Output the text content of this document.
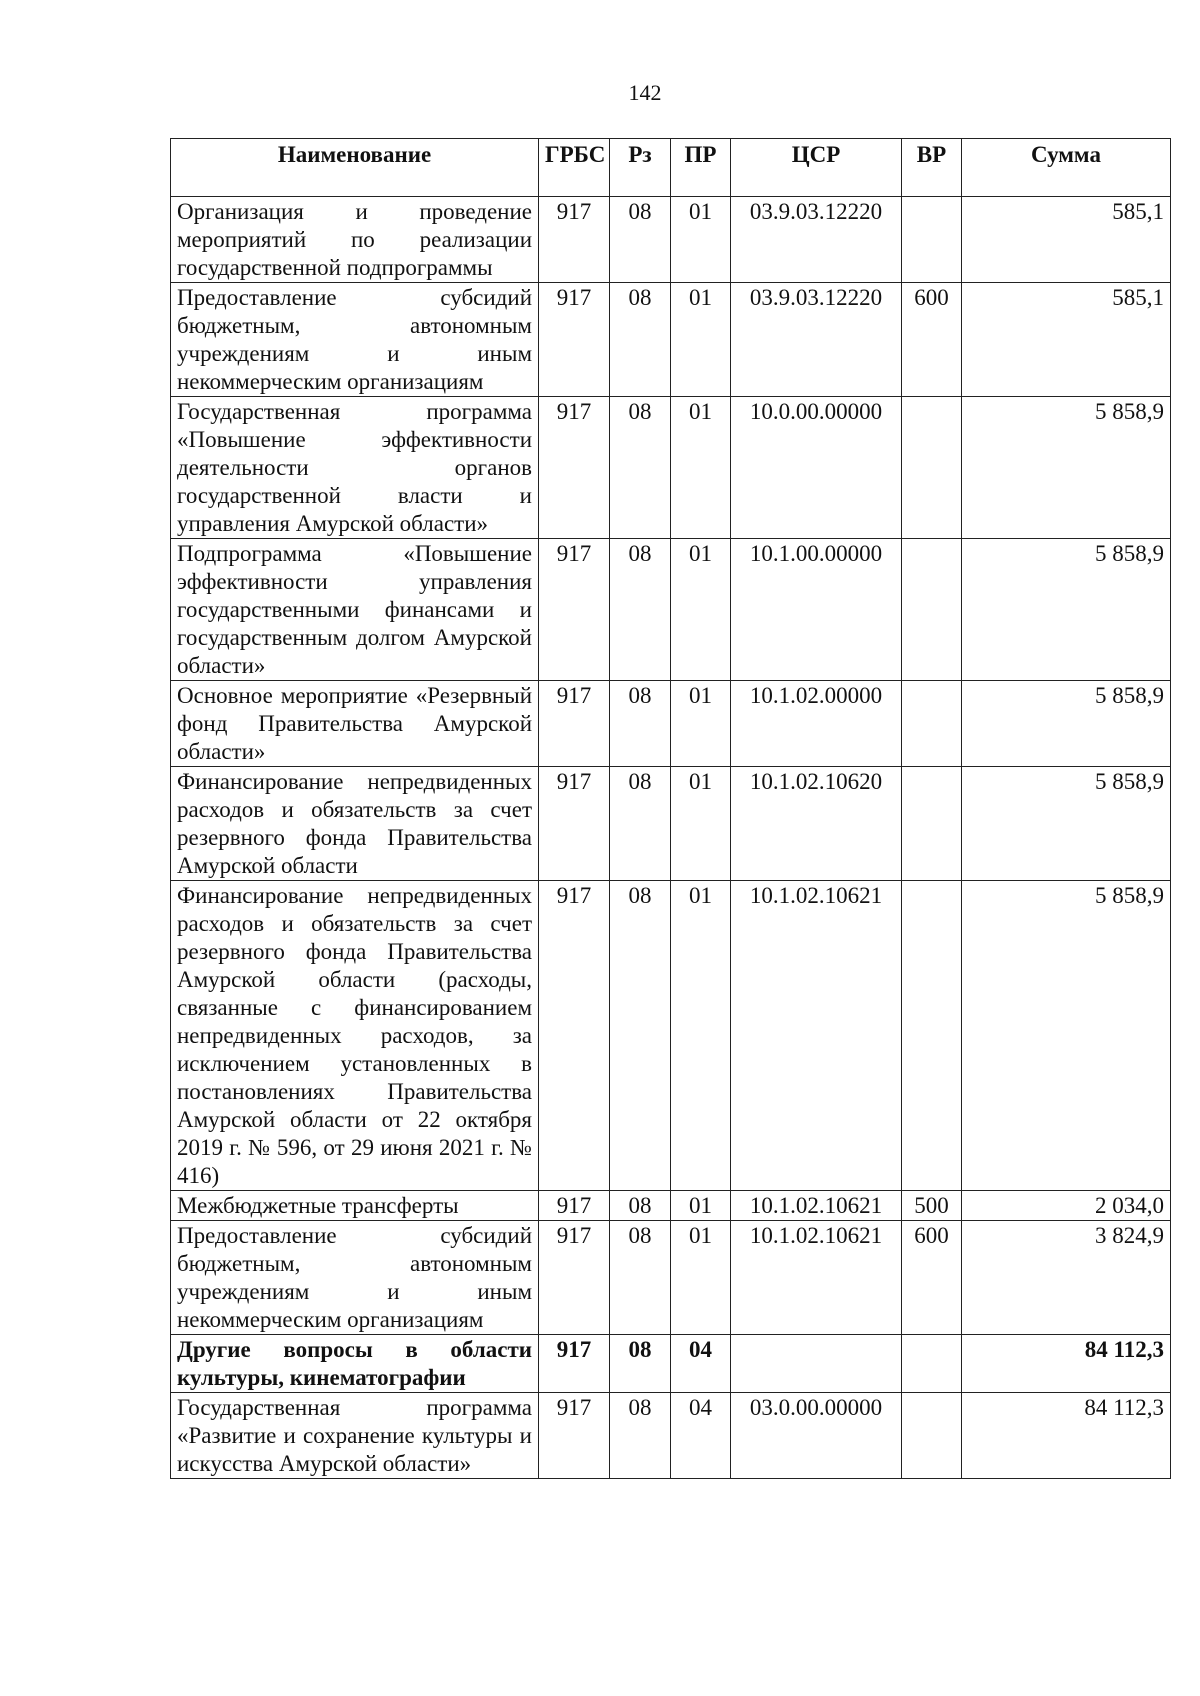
142
Наименование	ГРБС	Рз	ПР	ЦСР	ВР	Сумма
Организация и проведение мероприятий по реализации государственной подпрограммы	917	08	01	03.9.03.12220		585,1
Предоставление субсидий бюджетным, автономным учреждениям и иным некоммерческим организациям	917	08	01	03.9.03.12220	600	585,1
Государственная программа «Повышение эффективности деятельности органов государственной власти и управления Амурской области»	917	08	01	10.0.00.00000		5 858,9
Подпрограмма «Повышение эффективности управления государственными финансами и государственным долгом Амурской области»	917	08	01	10.1.00.00000		5 858,9
Основное мероприятие «Резервный фонд Правительства Амурской области»	917	08	01	10.1.02.00000		5 858,9
Финансирование непредвиденных расходов и обязательств за счет резервного фонда Правительства Амурской области	917	08	01	10.1.02.10620		5 858,9
Финансирование непредвиденных расходов и обязательств за счет резервного фонда Правительства Амурской области (расходы, связанные с финансированием непредвиденных расходов, за исключением установленных в постановлениях Правительства Амурской области от 22 октября 2019 г. № 596, от 29 июня 2021 г. № 416)	917	08	01	10.1.02.10621		5 858,9
Межбюджетные трансферты	917	08	01	10.1.02.10621	500	2 034,0
Предоставление субсидий бюджетным, автономным учреждениям и иным некоммерческим организациям	917	08	01	10.1.02.10621	600	3 824,9
Другие вопросы в области культуры, кинематографии	917	08	04			84 112,3
Государственная программа «Развитие и сохранение культуры и искусства Амурской области»	917	08	04	03.0.00.00000		84 112,3
